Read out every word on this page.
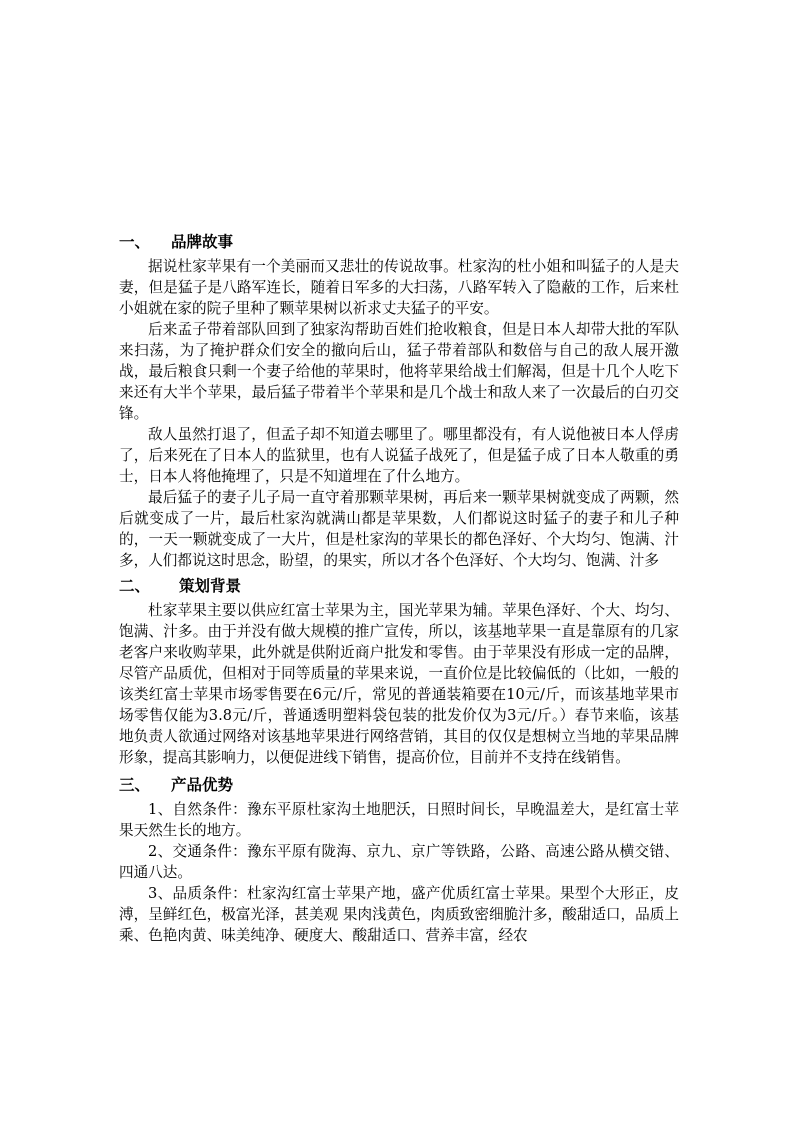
一、 品牌故事

据说杜家苹果有一个美丽而又悲壮的传说故事。杜家沟的杜小姐和叫猛子的人是夫妻，但是猛子是八路军连长，随着日军多的大扫荡，八路军转入了隐蔽的工作，后来杜小姐就在家的院子里种了颗苹果树以祈求丈夫猛子的平安。

后来孟子带着部队回到了独家沟帮助百姓们抢收粮食，但是日本人却带大批的军队来扫荡，为了掩护群众们安全的撤向后山，猛子带着部队和数倍与自己的敌人展开激战，最后粮食只剩一个妻子给他的苹果时，他将苹果给战士们解渴，但是十几个人吃下来还有大半个苹果，最后猛子带着半个苹果和是几个战士和敌人来了一次最后的白刃交锋。

敌人虽然打退了，但孟子却不知道去哪里了。哪里都没有，有人说他被日本人俘虏了，后来死在了日本人的监狱里，也有人说猛子战死了，但是猛子成了日本人敬重的勇士，日本人将他掩埋了，只是不知道埋在了什么地方。

最后猛子的妻子儿子局一直守着那颗苹果树，再后来一颗苹果树就变成了两颗，然后就变成了一片，最后杜家沟就满山都是苹果数，人们都说这时猛子的妻子和儿子种的，一天一颗就变成了一大片，但是杜家沟的苹果长的都色泽好、个大均匀、饱满、汁多，人们都说这时思念，盼望，的果实，所以才各个色泽好、个大均匀、饱满、汁多

二、 策划背景

杜家苹果主要以供应红富士苹果为主，国光苹果为辅。苹果色泽好、个大、均匀、饱满、汁多。由于并没有做大规模的推广宣传，所以，该基地苹果一直是靠原有的几家老客户来收购苹果，此外就是供附近商户批发和零售。由于苹果没有形成一定的品牌，尽管产品质优，但相对于同等质量的苹果来说，一直价位是比较偏低的（比如，一般的该类红富士苹果市场零售要在6元/斤，常见的普通装箱要在10元/斤，而该基地苹果市场零售仅能为3.8元/斤，普通透明塑料袋包装的批发价仅为3元/斤。）春节来临，该基地负责人欲通过网络对该基地苹果进行网络营销，其目的仅仅是想树立当地的苹果品牌形象，提高其影响力，以便促进线下销售，提高价位，目前并不支持在线销售。

三、 产品优势

1、自然条件：豫东平原杜家沟土地肥沃，日照时间长，早晚温差大，是红富士苹果天然生长的地方。

2、交通条件：豫东平原有陇海、京九、京广等铁路，公路、高速公路从横交错、四通八达。

3、品质条件：杜家沟红富士苹果产地，盛产优质红富士苹果。果型个大形正，皮溥，呈鲜红色，极富光泽，甚美观 果肉浅黄色，肉质致密细脆汁多，酸甜适口，品质上乘、色艳肉黄、味美纯净、硬度大、酸甜适口、营养丰富，经农
